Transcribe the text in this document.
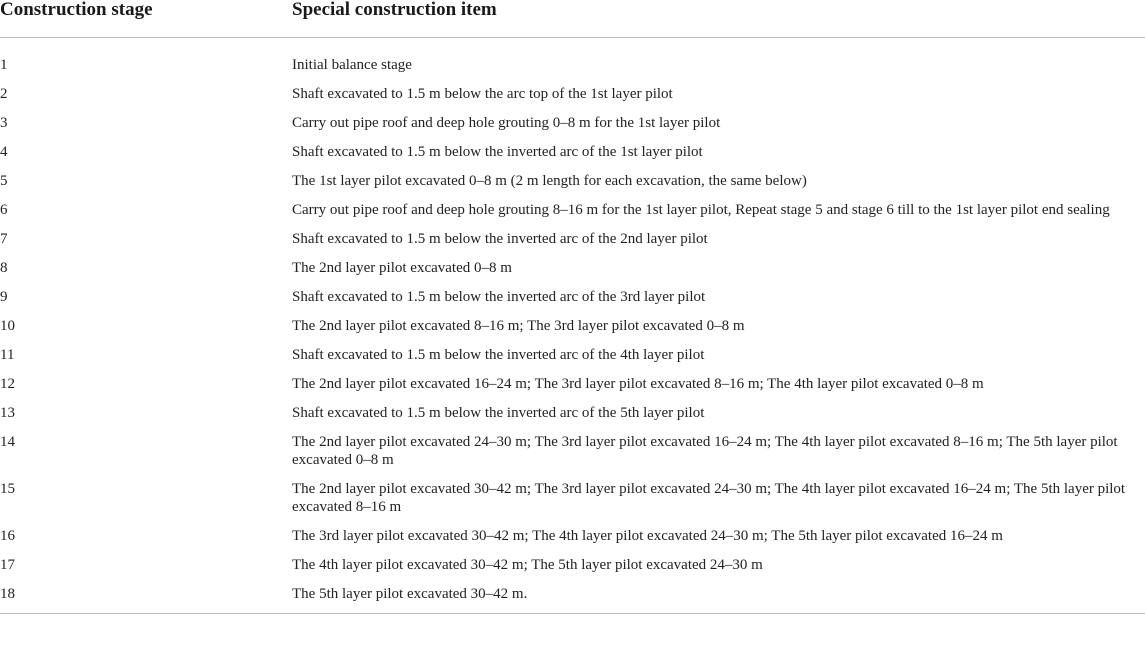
Construction stage	Special construction item
1	Initial balance stage
2	Shaft excavated to 1.5 m below the arc top of the 1st layer pilot
3	Carry out pipe roof and deep hole grouting 0–8 m for the 1st layer pilot
4	Shaft excavated to 1.5 m below the inverted arc of the 1st layer pilot
5	The 1st layer pilot excavated 0–8 m (2 m length for each excavation, the same below)
6	Carry out pipe roof and deep hole grouting 8–16 m for the 1st layer pilot, Repeat stage 5 and stage 6 till to the 1st layer pilot end sealing
7	Shaft excavated to 1.5 m below the inverted arc of the 2nd layer pilot
8	The 2nd layer pilot excavated 0–8 m
9	Shaft excavated to 1.5 m below the inverted arc of the 3rd layer pilot
10	The 2nd layer pilot excavated 8–16 m; The 3rd layer pilot excavated 0–8 m
11	Shaft excavated to 1.5 m below the inverted arc of the 4th layer pilot
12	The 2nd layer pilot excavated 16–24 m; The 3rd layer pilot excavated 8–16 m; The 4th layer pilot excavated 0–8 m
13	Shaft excavated to 1.5 m below the inverted arc of the 5th layer pilot
14	The 2nd layer pilot excavated 24–30 m; The 3rd layer pilot excavated 16–24 m; The 4th layer pilot excavated 8–16 m; The 5th layer pilot excavated 0–8 m
15	The 2nd layer pilot excavated 30–42 m; The 3rd layer pilot excavated 24–30 m; The 4th layer pilot excavated 16–24 m; The 5th layer pilot excavated 8–16 m
16	The 3rd layer pilot excavated 30–42 m; The 4th layer pilot excavated 24–30 m; The 5th layer pilot excavated 16–24 m
17	The 4th layer pilot excavated 30–42 m; The 5th layer pilot excavated 24–30 m
18	The 5th layer pilot excavated 30–42 m.
